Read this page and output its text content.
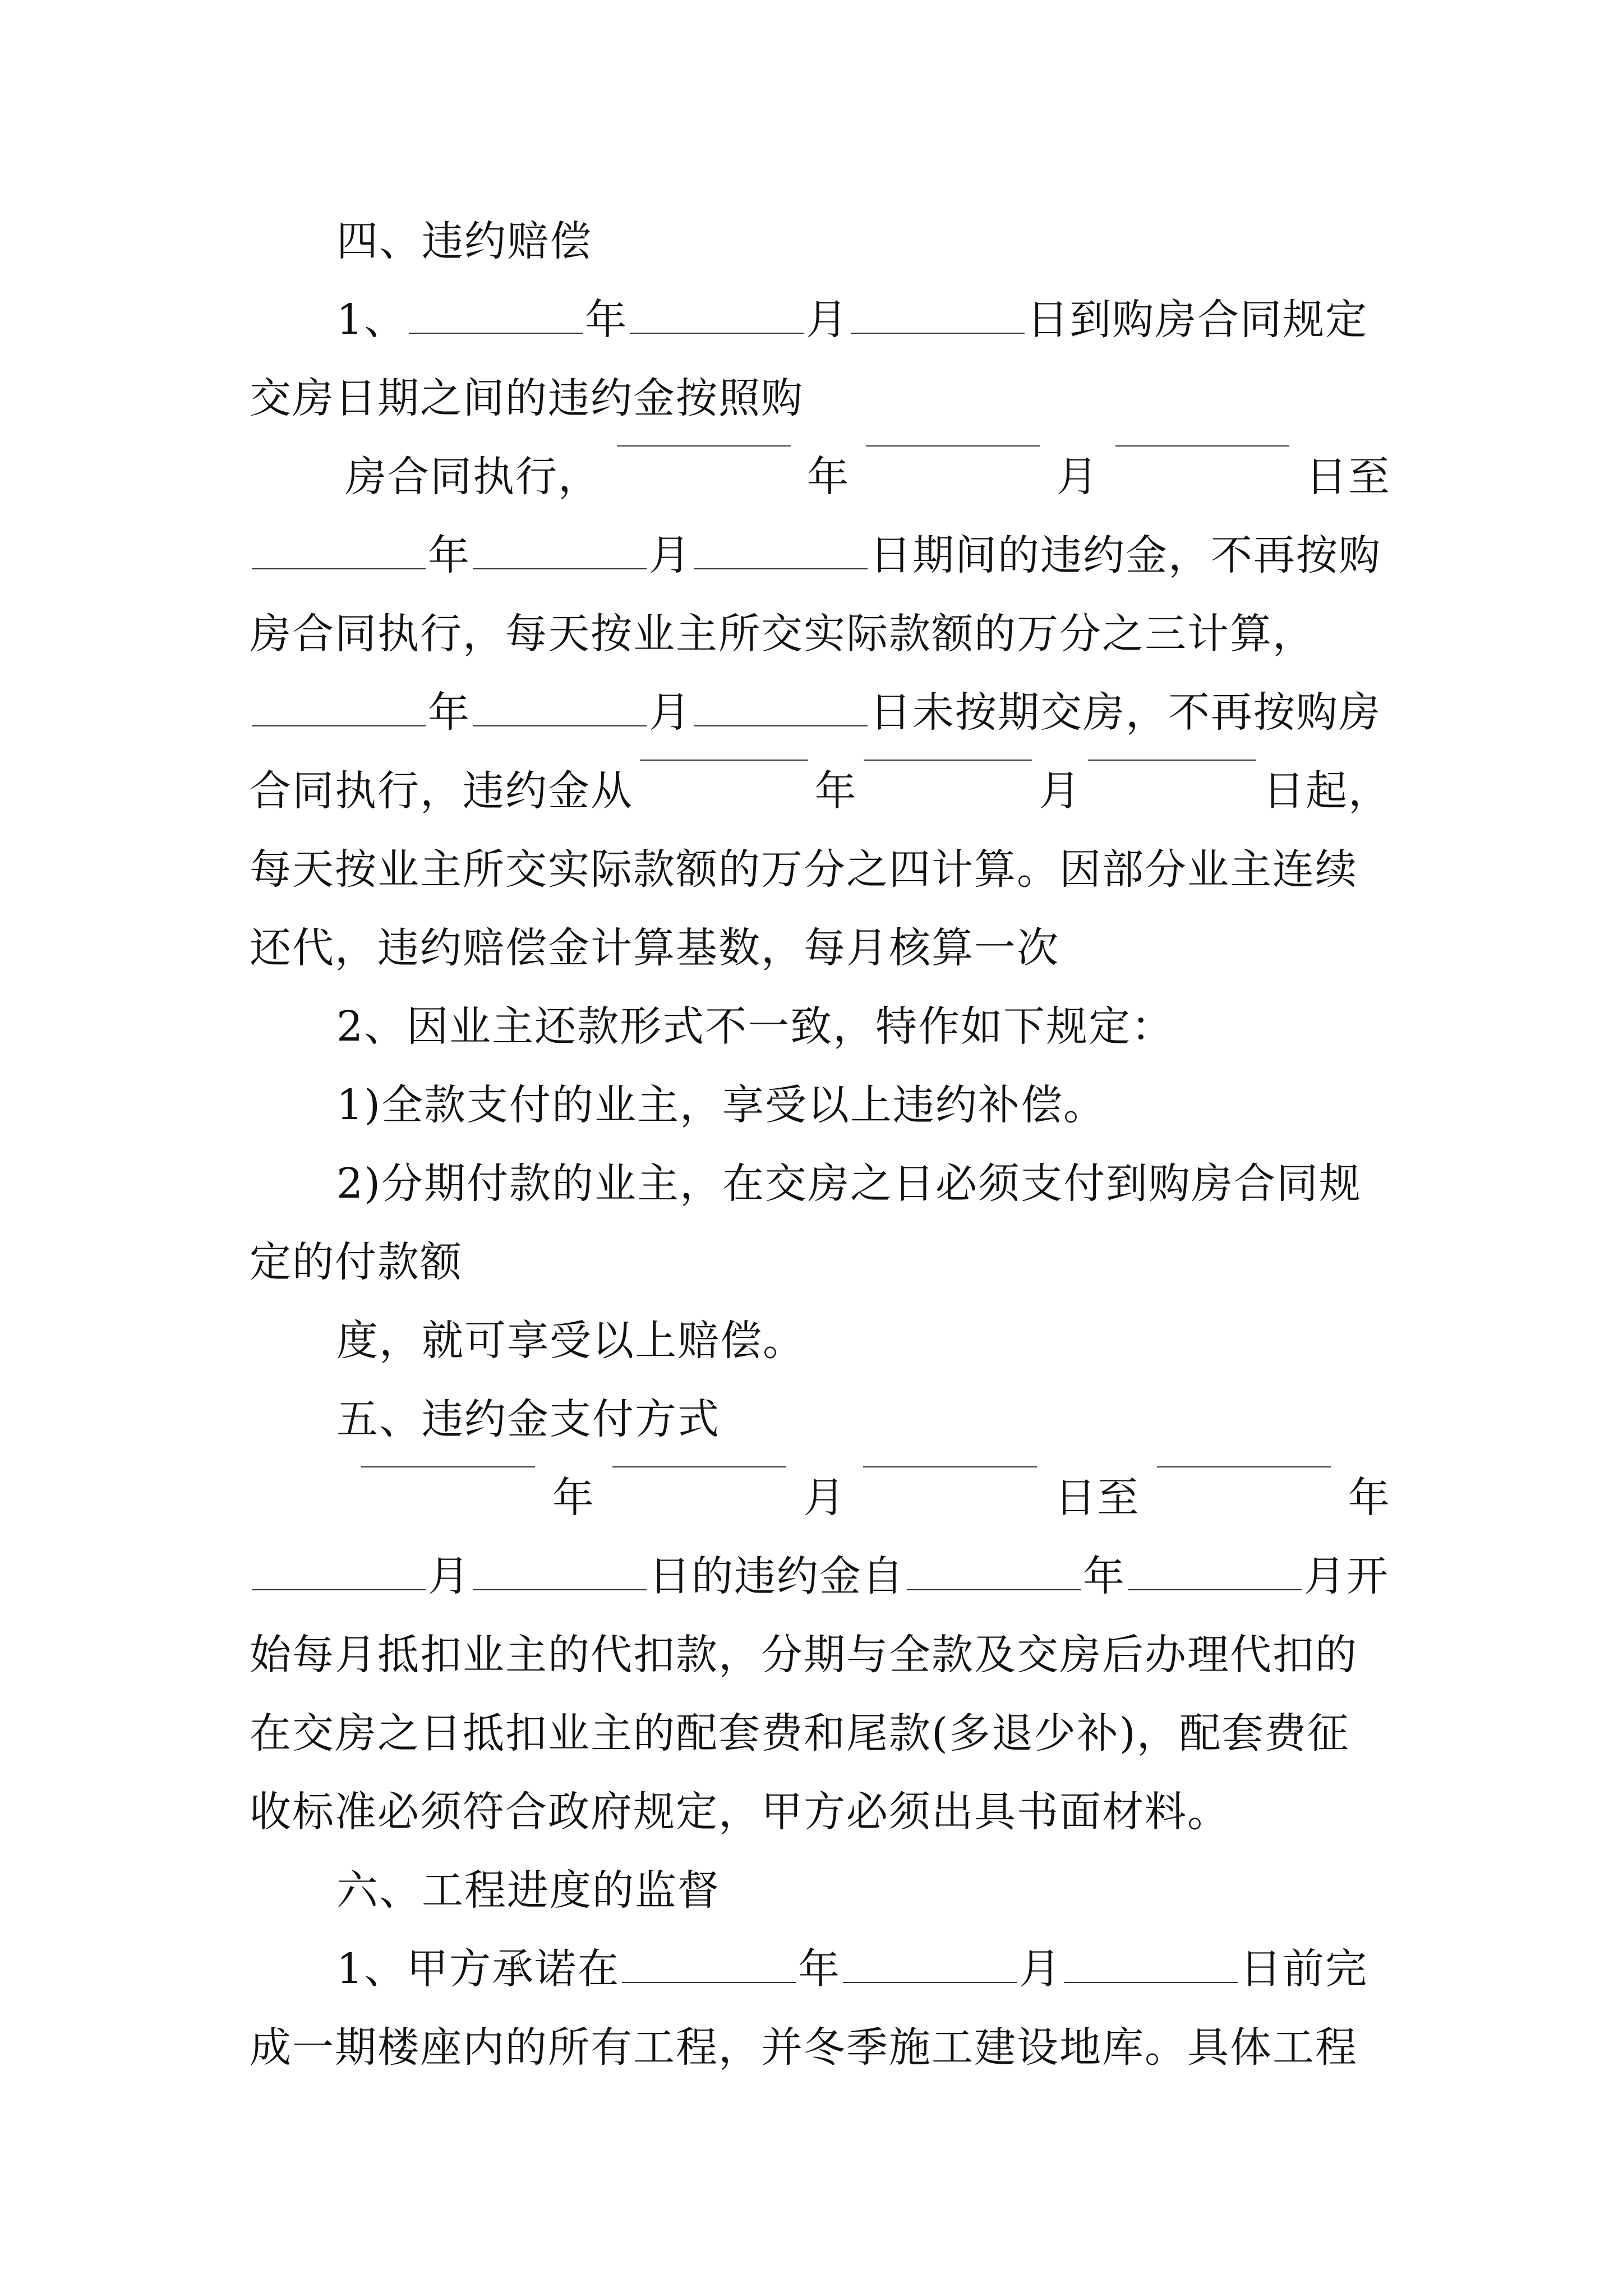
四、违约赔偿
1、	年	月	日到购房合同规定
交房日期之间的违约金按照购
房合同执行，	年	月	日至
年	月	日期间的违约金，不再按购
房合同执行，每天按业主所交实际款额的万分之三计算，
年	月	日未按期交房，不再按购房
合同执行，违约金从	年	月	日起，
每天按业主所交实际款额的万分之四计算。因部分业主连续
还代，违约赔偿金计算基数，每月核算一次
2、因业主还款形式不一致，特作如下规定：
1)全款支付的业主，享受以上违约补偿。
2)分期付款的业主，在交房之日必须支付到购房合同规
定的付款额
度，就可享受以上赔偿。
五、违约金支付方式
年	月	日至	年
月	日的违约金自	年	月开
始每月抵扣业主的代扣款，分期与全款及交房后办理代扣的
在交房之日抵扣业主的配套费和尾款(多退少补)，配套费征
收标准必须符合政府规定，甲方必须出具书面材料。
六、工程进度的监督
1、甲方承诺在	年	月	日前完
成一期楼座内的所有工程，并冬季施工建设地库。具体工程
